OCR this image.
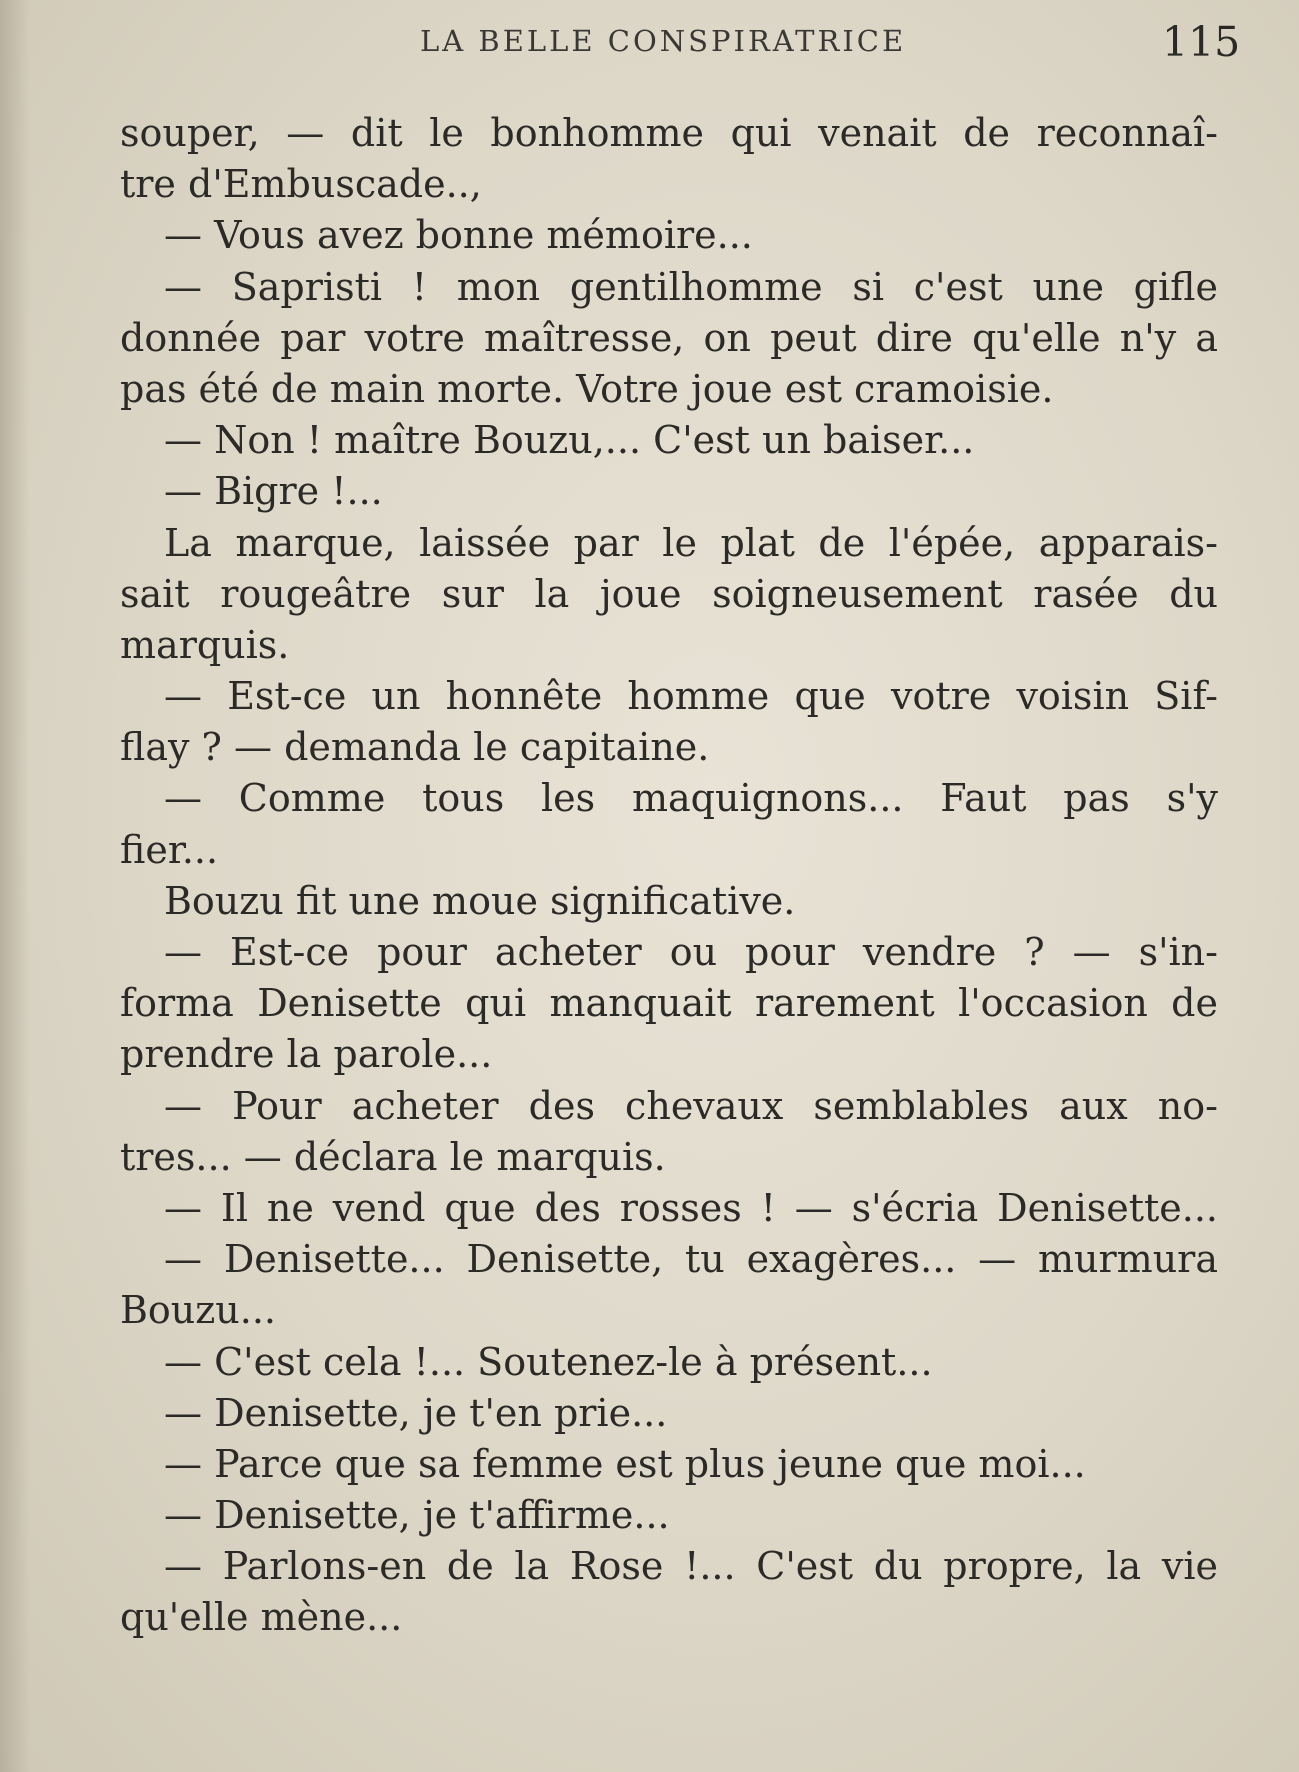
LA BELLE CONSPIRATRICE	115
souper, — dit le bonhomme qui venait de reconnaî-
tre d'Embuscade..,
— Vous avez bonne mémoire...
— Sapristi ! mon gentilhomme si c'est une gifle
donnée par votre maîtresse, on peut dire qu'elle n'y a
pas été de main morte. Votre joue est cramoisie.
— Non ! maître Bouzu,... C'est un baiser...
— Bigre !...
La marque, laissée par le plat de l'épée, apparais-
sait rougeâtre sur la joue soigneusement rasée du
marquis.
— Est-ce un honnête homme que votre voisin Sif-
flay ? — demanda le capitaine.
— Comme tous les maquignons... Faut pas s'y
fier...
Bouzu fit une moue significative.
— Est-ce pour acheter ou pour vendre ? — s'in-
forma Denisette qui manquait rarement l'occasion de
prendre la parole...
— Pour acheter des chevaux semblables aux no-
tres... — déclara le marquis.
— Il ne vend que des rosses ! — s'écria Denisette...
— Denisette... Denisette, tu exagères... — murmura
Bouzu...
— C'est cela !... Soutenez-le à présent...
— Denisette, je t'en prie...
— Parce que sa femme est plus jeune que moi...
— Denisette, je t'affirme...
— Parlons-en de la Rose !... C'est du propre, la vie
qu'elle mène...
